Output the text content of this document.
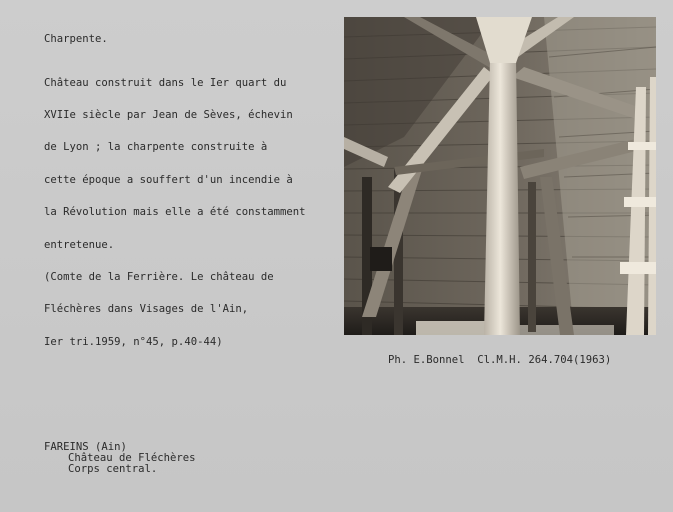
Charpente.

Château construit dans le Ier quart du

XVIIe siècle par Jean de Sèves, échevin

de Lyon ; la charpente construite à

cette époque a souffert d'un incendie à

la Révolution mais elle a été constamment

entretenue.

(Comte de la Ferrière. Le château de

Fléchères dans Visages de l'Ain,

Ier tri.1959, n°45, p.40-44)

Ph. E.Bonnel  Cl.M.H. 264.704(1963)
FAREINS (Ain)
Château de Fléchères
Corps central.
